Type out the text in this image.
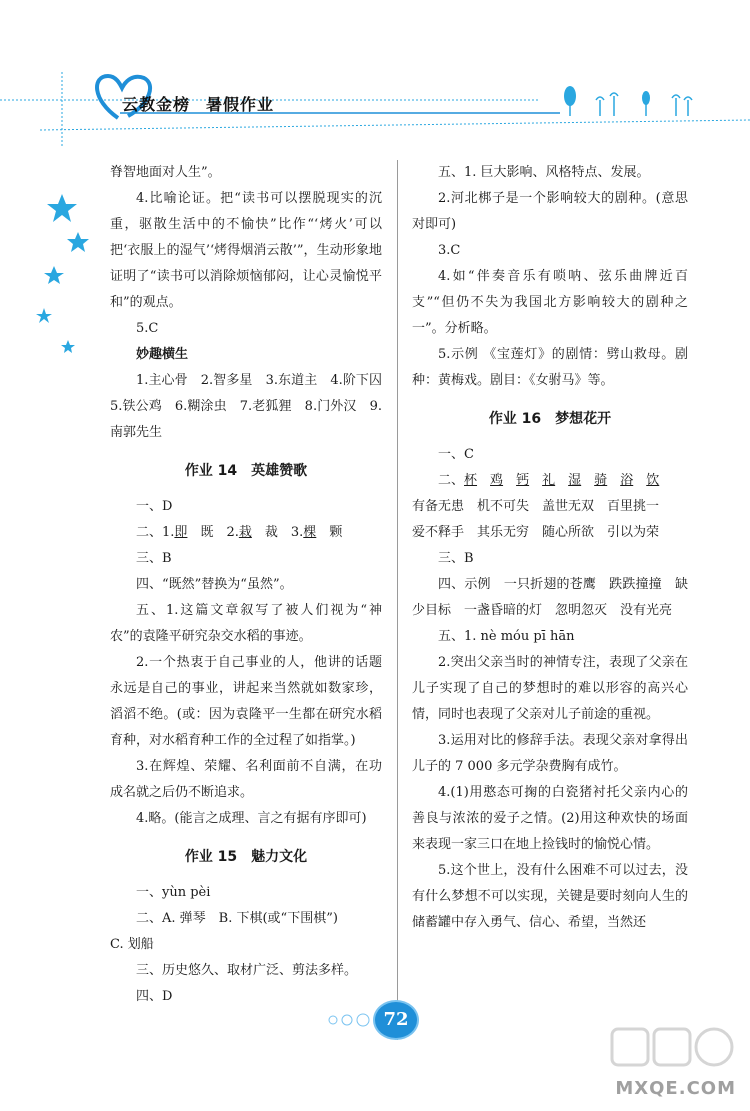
云教金榜 暑假作业
脊智地面对人生”。
4.比喻论证。把“读书可以摆脱现实的沉重，驱散生活中的不愉快”比作“‘烤火’可以把‘衣服上的湿气’‘烤得烟消云散’”，生动形象地证明了“读书可以消除烦恼郁闷，让心灵愉悦平和”的观点。
5.C
妙趣横生
1.主心骨　2.智多星　3.东道主　4.阶下囚　5.铁公鸡　6.糊涂虫　7.老狐狸　8.门外汉　9.南郭先生
作业 14　英雄赞歌
一、D
二、1.即　 既　2.栽　 裁　3.棵　 颗
三、B
四、“既然”替换为“虽然”。
五、1.这篇文章叙写了被人们视为“神农”的袁隆平研究杂交水稻的事迹。
2.一个热衷于自己事业的人，他讲的话题永远是自己的事业，讲起来当然就如数家珍，滔滔不绝。(或：因为袁隆平一生都在研究水稻育种，对水稻育种工作的全过程了如指掌。)
3.在辉煌、荣耀、名利面前不自满，在功成名就之后仍不断追求。
4.略。(能言之成理、言之有据有序即可)
作业 15　魅力文化
一、yùn pèi
二、A. 弹琴　B. 下棋(或“下围棋”)
C. 划船
三、历史悠久、取材广泛、剪法多样。
四、D
五、1. 巨大影响、风格特点、发展。
2.河北梆子是一个影响较大的剧种。(意思对即可)
3.C
4.如“伴奏音乐有唢呐、弦乐曲牌近百支”“但仍不失为我国北方影响较大的剧种之一”。分析略。
5.示例 《宝莲灯》的剧情：劈山救母。剧种：黄梅戏。剧目：《女驸马》等。
作业 16　梦想花开
一、C
二、杯　 鸡　 钙　 礼　 湿　 骑　 浴　 饮
有备无患　机不可失　盖世无双　百里挑一
爱不释手　其乐无穷　随心所欲　引以为荣
三、B
四、示例　一只折翅的苍鹰　跌跌撞撞　缺少目标　一盏昏暗的灯　忽明忽灭　没有光亮
五、1. nè móu pī hān
2.突出父亲当时的神情专注，表现了父亲在儿子实现了自己的梦想时的难以形容的高兴心情，同时也表现了父亲对儿子前途的重视。
3.运用对比的修辞手法。表现父亲对拿得出儿子的 7 000 多元学杂费胸有成竹。
4.(1)用憨态可掬的白瓷猪衬托父亲内心的善良与浓浓的爱子之情。(2)用这种欢快的场面来表现一家三口在地上捡钱时的愉悦心情。
5.这个世上，没有什么困难不可以过去，没有什么梦想不可以实现，关键是要时刻向人生的储蓄罐中存入勇气、信心、希望，当然还
72
MXQE.COM
